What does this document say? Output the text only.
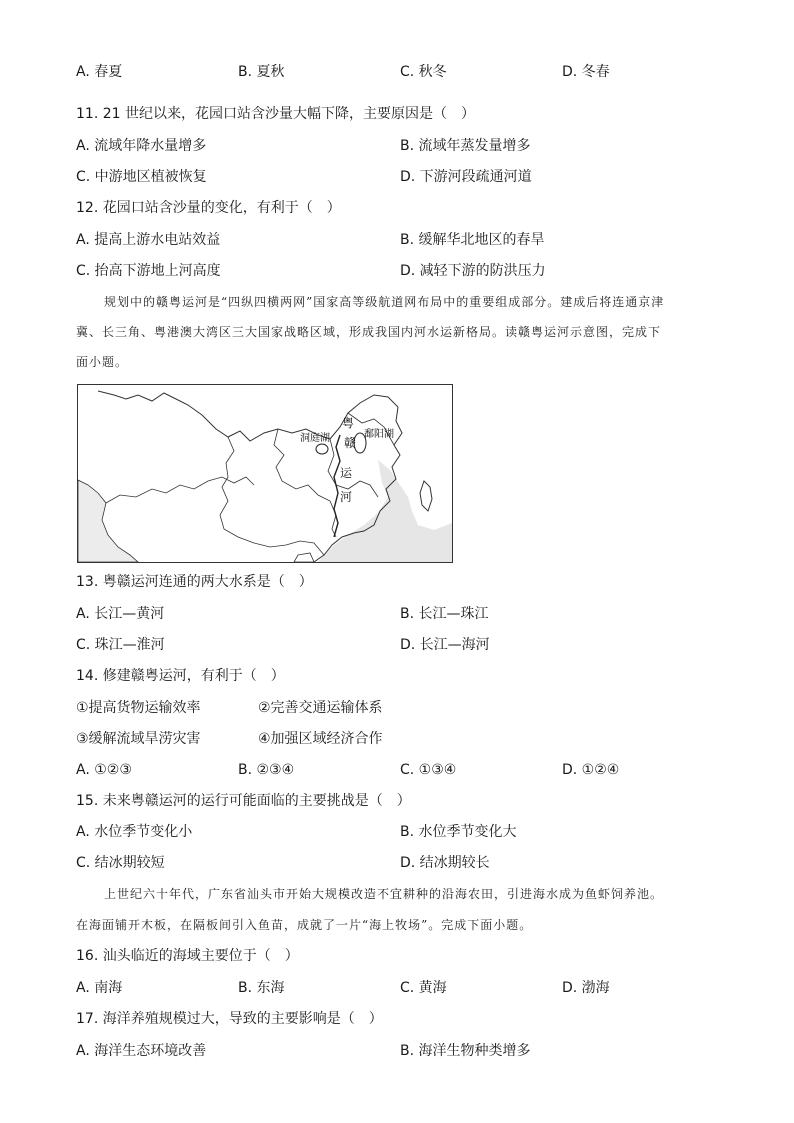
A. 春夏	B. 夏秋	C. 秋冬	D. 冬春
11. 21 世纪以来，花园口站含沙量大幅下降，主要原因是（　）
A. 流域年降水量增多	B. 流域年蒸发量增多
C. 中游地区植被恢复	D. 下游河段疏通河道
12. 花园口站含沙量的变化，有利于（　）
A. 提高上游水电站效益	B. 缓解华北地区的春旱
C. 抬高下游地上河高度	D. 减轻下游的防洪压力
规划中的赣粤运河是“四纵四横两网”国家高等级航道网布局中的重要组成部分。建成后将连通京津
冀、长三角、粤港澳大湾区三大国家战略区域，形成我国内河水运新格局。读赣粤运河示意图，完成下
面小题。
鄱阳湖
洞庭湖
粤
赣
运
河
13. 粤赣运河连通的两大水系是（　）
A. 长江—黄河	B. 长江—珠江
C. 珠江—淮河	D. 长江—海河
14. 修建赣粤运河，有利于（　）
①提高货物运输效率	②完善交通运输体系
③缓解流域旱涝灾害	④加强区域经济合作
A. ①②③	B. ②③④	C. ①③④	D. ①②④
15. 未来粤赣运河的运行可能面临的主要挑战是（　）
A. 水位季节变化小	B. 水位季节变化大
C. 结冰期较短	D. 结冰期较长
上世纪六十年代，广东省汕头市开始大规模改造不宜耕种的沿海农田，引进海水成为鱼虾饲养池。
在海面铺开木板，在隔板间引入鱼苗，成就了一片“海上牧场”。完成下面小题。
16. 汕头临近的海域主要位于（　）
A. 南海	B. 东海	C. 黄海	D. 渤海
17. 海洋养殖规模过大，导致的主要影响是（　）
A. 海洋生态环境改善	B. 海洋生物种类增多
